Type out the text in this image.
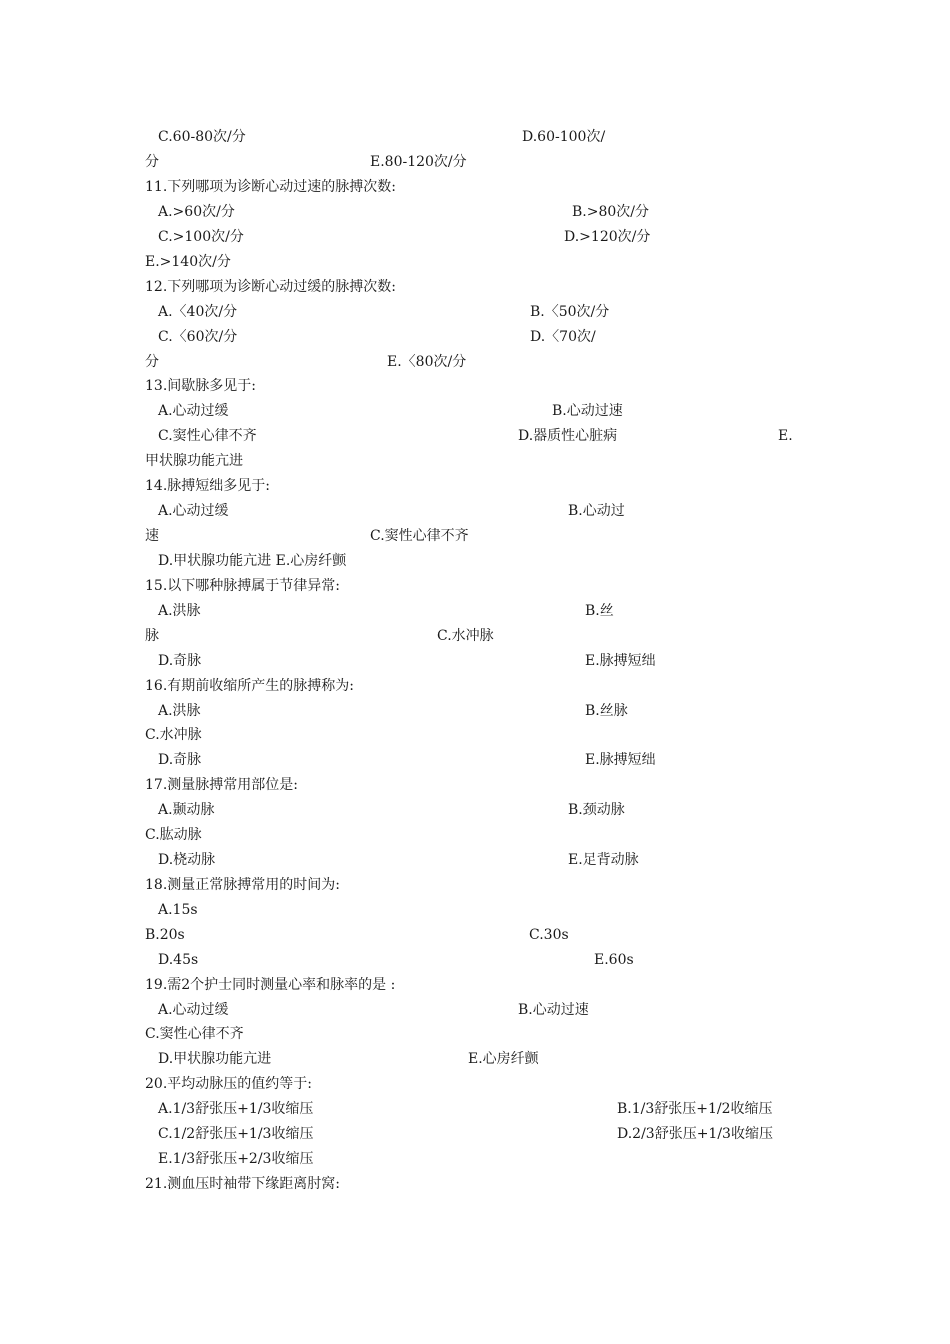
C.60-80次/分	D.60-100次/
分	E.80-120次/分
11.下列哪项为诊断心动过速的脉搏次数:
A.>60次/分	B.>80次/分
C.>100次/分	D.>120次/分
E.>140次/分
12.下列哪项为诊断心动过缓的脉搏次数:
A.〈40次/分	B.〈50次/分
C.〈60次/分	D.〈70次/
分	E.〈80次/分
13.间歇脉多见于:
A.心动过缓	B.心动过速
C.窦性心律不齐	D.器质性心脏病	E.
甲状腺功能亢进
14.脉搏短绌多见于:
A.心动过缓	B.心动过
速	C.窦性心律不齐
D.甲状腺功能亢进 E.心房纤颤
15.以下哪种脉搏属于节律异常:
A.洪脉	B.丝
脉	C.水冲脉
D.奇脉	E.脉搏短绌
16.有期前收缩所产生的脉搏称为:
A.洪脉	B.丝脉
C.水冲脉
D.奇脉	E.脉搏短绌
17.测量脉搏常用部位是:
A.颞动脉	B.颈动脉
C.肱动脉
D.桡动脉	E.足背动脉
18.测量正常脉搏常用的时间为:
A.15s
B.20s	C.30s
D.45s	E.60s
19.需2个护士同时测量心率和脉率的是 :
A.心动过缓	B.心动过速
C.窦性心律不齐
D.甲状腺功能亢进	E.心房纤颤
20.平均动脉压的值约等于:
A.1/3舒张压+1/3收缩压	B.1/3舒张压+1/2收缩压
C.1/2舒张压+1/3收缩压	D.2/3舒张压+1/3收缩压
E.1/3舒张压+2/3收缩压
21.测血压时袖带下缘距离肘窝:
